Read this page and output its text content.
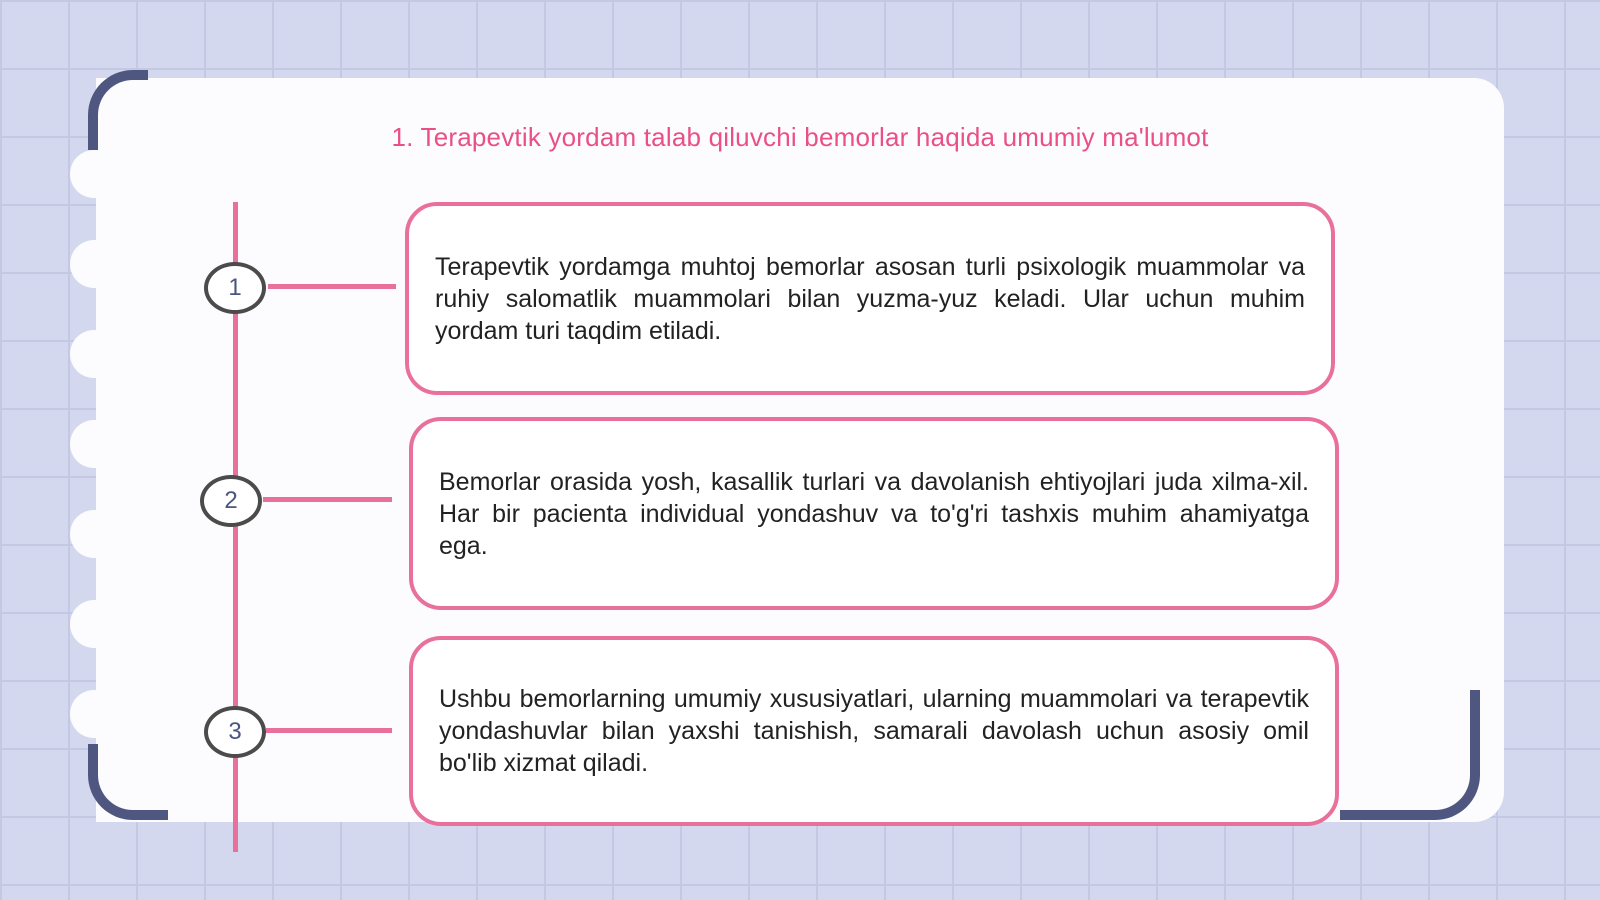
1. Terapevtik yordam talab qiluvchi bemorlar haqida umumiy ma'lumot
1
2
3

Terapevtik yordamga muhtoj bemorlar asosan turli psixologik muammolar va ruhiy salomatlik muammolari bilan yuzma-yuz keladi. Ular uchun muhim yordam turi taqdim etiladi.

Bemorlar orasida yosh, kasallik turlari va davolanish ehtiyojlari juda xilma-xil. Har bir pacienta individual yondashuv va to'g'ri tashxis muhim ahamiyatga ega.

Ushbu bemorlarning umumiy xususiyatlari, ularning muammolari va terapevtik yondashuvlar bilan yaxshi tanishish, samarali davolash uchun asosiy omil bo'lib xizmat qiladi.
